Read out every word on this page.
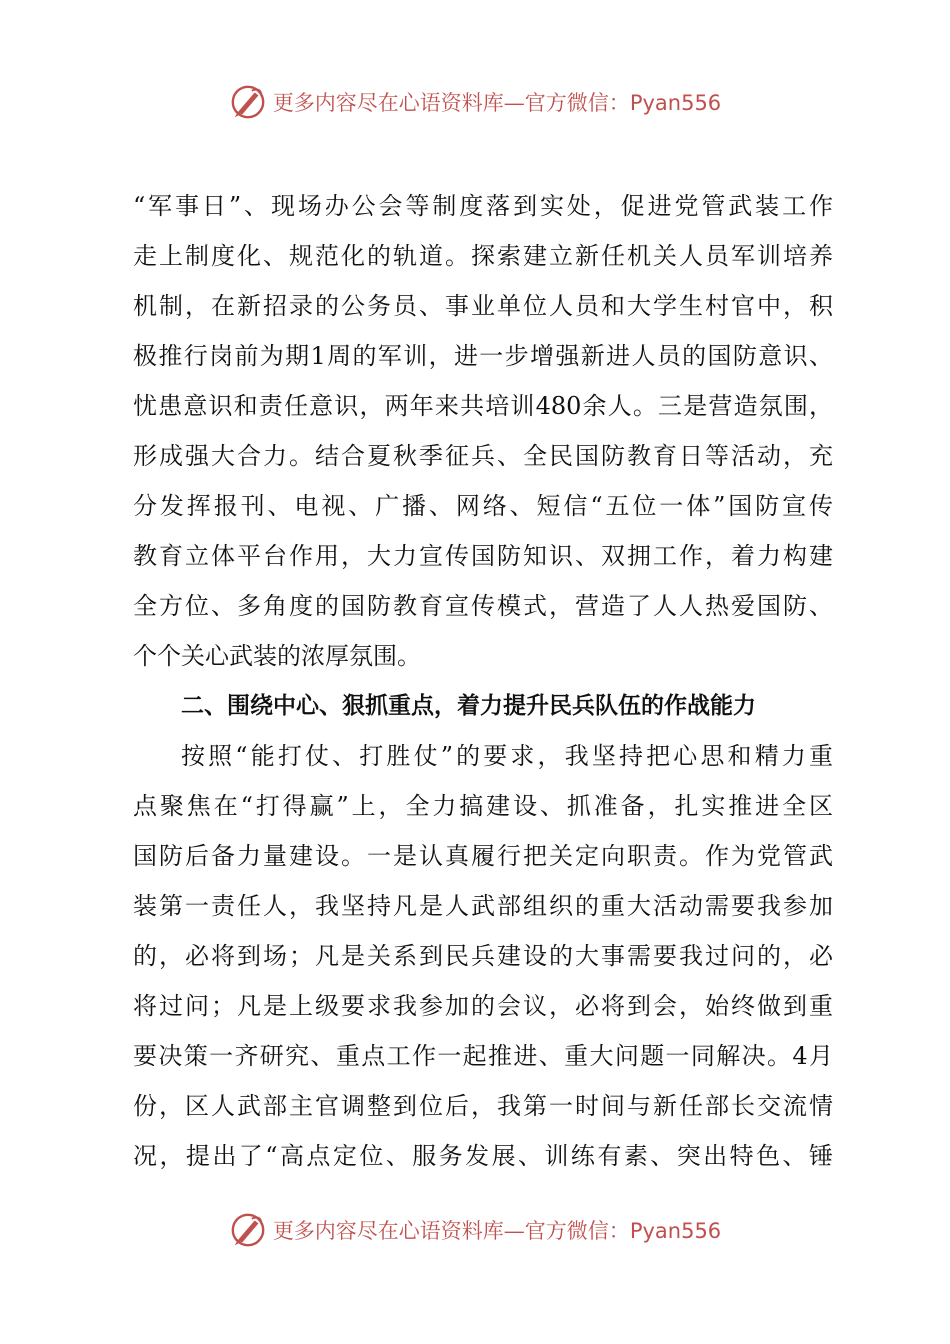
更多内容尽在心语资料库—官方微信：Pyan556
“军事日”、现场办公会等制度落到实处，促进党管武装工作
走上制度化、规范化的轨道。探索建立新任机关人员军训培养
机制，在新招录的公务员、事业单位人员和大学生村官中，积
极推行岗前为期1周的军训，进一步增强新进人员的国防意识、
忧患意识和责任意识，两年来共培训480余人。三是营造氛围，
形成强大合力。结合夏秋季征兵、全民国防教育日等活动，充
分发挥报刊、电视、广播、网络、短信“五位一体”国防宣传
教育立体平台作用，大力宣传国防知识、双拥工作，着力构建
全方位、多角度的国防教育宣传模式，营造了人人热爱国防、
个个关心武装的浓厚氛围。
二、围绕中心、狠抓重点，着力提升民兵队伍的作战能力
按照“能打仗、打胜仗”的要求，我坚持把心思和精力重
点聚焦在“打得赢”上，全力搞建设、抓准备，扎实推进全区
国防后备力量建设。一是认真履行把关定向职责。作为党管武
装第一责任人，我坚持凡是人武部组织的重大活动需要我参加
的，必将到场；凡是关系到民兵建设的大事需要我过问的，必
将过问；凡是上级要求我参加的会议，必将到会，始终做到重
要决策一齐研究、重点工作一起推进、重大问题一同解决。4月
份，区人武部主官调整到位后，我第一时间与新任部长交流情
况，提出了“高点定位、服务发展、训练有素、突出特色、锤
更多内容尽在心语资料库—官方微信：Pyan556
